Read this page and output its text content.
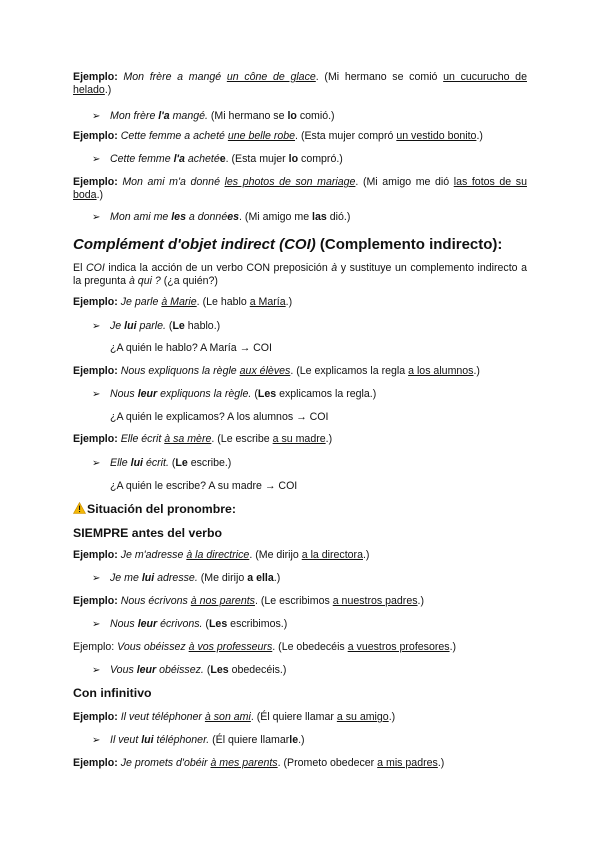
Ejemplo: Mon frère a mangé un cône de glace. (Mi hermano se comió un cucurucho de helado.)
➢ Mon frère l'a mangé. (Mi hermano se lo comió.)
Ejemplo: Cette femme a acheté une belle robe. (Esta mujer compró un vestido bonito.)
➢ Cette femme l'a achetée. (Esta mujer lo compró.)
Ejemplo: Mon ami m'a donné les photos de son mariage. (Mi amigo me dió las fotos de su boda.)
➢ Mon ami me les a données. (Mi amigo me las dió.)
Complément d'objet indirect (COI) (Complemento indirecto):
El COI indica la acción de un verbo CON preposición à y sustituye un complemento indirecto a la pregunta à qui ? (¿a quién?)
Ejemplo: Je parle à Marie. (Le hablo a María.)
➢ Je lui parle. (Le hablo.)
¿A quién le hablo? A María → COI
Ejemplo: Nous expliquons la règle aux élèves. (Le explicamos la regla a los alumnos.)
➢ Nous leur expliquons la règle. (Les explicamos la regla.)
¿A quién le explicamos? A los alumnos → COI
Ejemplo: Elle écrit à sa mère. (Le escribe a su madre.)
➢ Elle lui écrit. (Le escribe.)
¿A quién le escribe? A su madre → COI
Situación del pronombre:
SIEMPRE antes del verbo
Ejemplo: Je m'adresse à la directrice. (Me dirijo a la directora.)
➢ Je me lui adresse. (Me dirijo a ella.)
Ejemplo: Nous écrivons à nos parents. (Le escribimos a nuestros padres.)
➢ Nous leur écrivons. (Les escribimos.)
Ejemplo: Vous obéissez à vos professeurs. (Le obedecéis a vuestros profesores.)
➢ Vous leur obéissez. (Les obedecéis.)
Con infinitivo
Ejemplo: Il veut téléphoner à son ami. (Él quiere llamar a su amigo.)
➢ Il veut lui téléphoner. (Él quiere llamarle.)
Ejemplo: Je promets d'obéir à mes parents. (Prometo obedecer a mis padres.)
